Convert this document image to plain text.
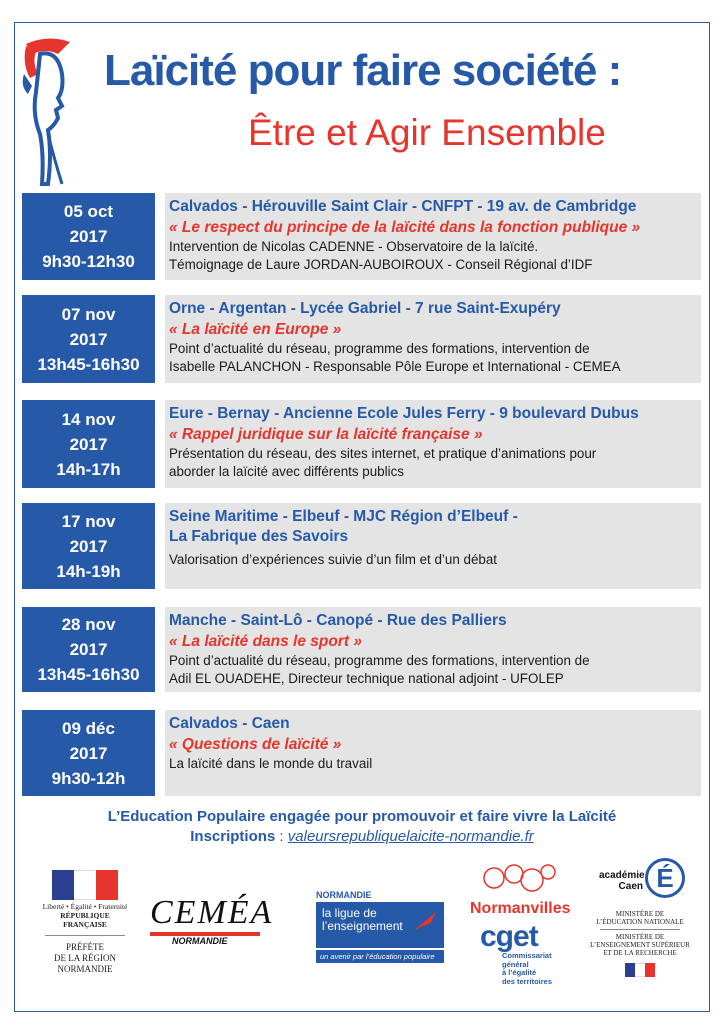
Laïcité pour faire société :
Être et Agir Ensemble
05 oct
2017
9h30-12h30
Calvados - Hérouville Saint Clair - CNFPT - 19 av. de Cambridge
« Le respect du principe de la laïcité dans la fonction publique »
Intervention de Nicolas CADENNE - Observatoire de la laïcité.
Témoignage de Laure JORDAN-AUBOIROUX - Conseil Régional d’IDF
07 nov
2017
13h45-16h30
Orne - Argentan - Lycée Gabriel - 7 rue Saint-Exupéry
« La laïcité en Europe »
Point d’actualité du réseau, programme des formations, intervention de
Isabelle PALANCHON - Responsable Pôle Europe et International - CEMEA
14 nov
2017
14h-17h
Eure - Bernay - Ancienne Ecole Jules Ferry - 9 boulevard Dubus
« Rappel juridique sur la laïcité française »
Présentation du réseau, des sites internet, et pratique d’animations pour
aborder la laïcité avec différents publics
17 nov
2017
14h-19h
Seine Maritime - Elbeuf - MJC Région d’Elbeuf -
La Fabrique des Savoirs
Valorisation d’expériences suivie d’un film et d’un débat
28 nov
2017
13h45-16h30
Manche - Saint-Lô - Canopé - Rue des Palliers
« La laïcité dans le sport »
Point d’actualité du réseau, programme des formations, intervention de
Adil EL OUADEHE, Directeur technique national adjoint - UFOLEP
09 déc
2017
9h30-12h
Calvados - Caen
« Questions de laïcité »
La laïcité dans le monde du travail
L’Education Populaire engagée pour promouvoir et faire vivre la Laïcité
Inscriptions : valeursrepubliquelaicite-normandie.fr
Liberté • Égalité • Fraternité
RÉPUBLIQUE FRANÇAISE
PRÉFÈTE
DE LA RÉGION
NORMANDIE
CEMÉA
NORMANDIE
NORMANDIE
la ligue de
l’enseignement
un avenir par l’éducation populaire
Normanvilles
cget
Commissariat
général
à l’égalité
des territoires
académie
Caen É
MINISTÈRE DE
L’ÉDUCATION NATIONALE
MINISTÈRE DE
L’ENSEIGNEMENT SUPÉRIEUR
ET DE LA RECHERCHE
